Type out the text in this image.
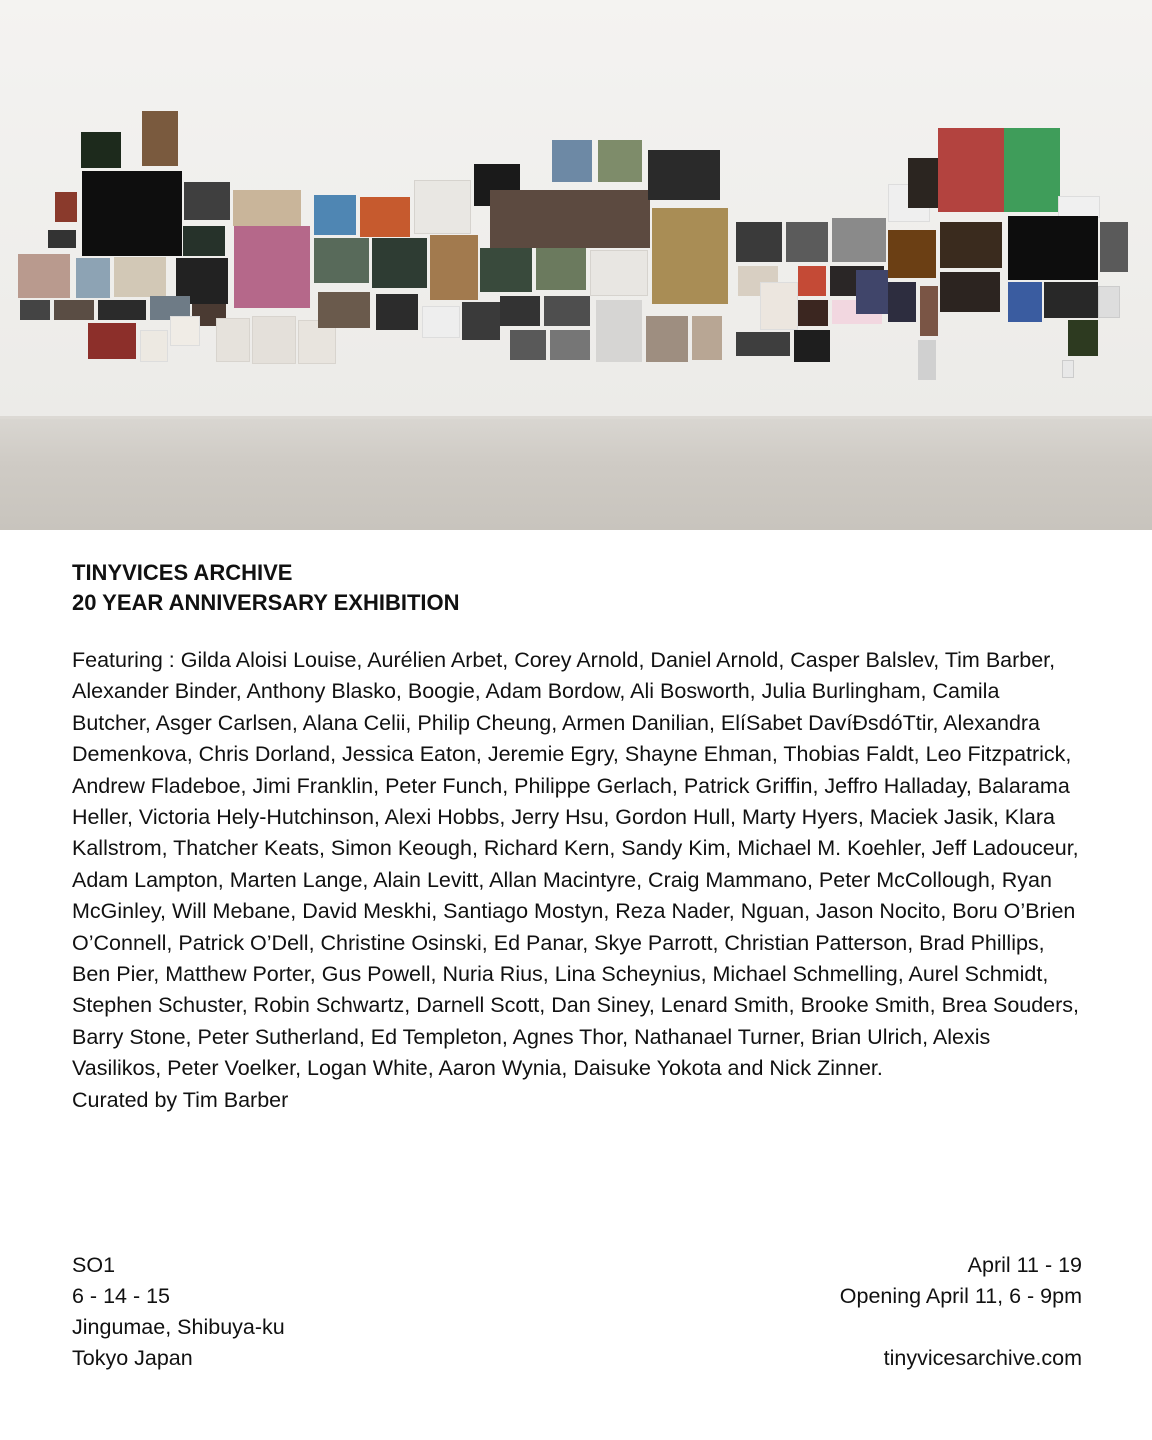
TINYVICES ARCHIVE
20 YEAR ANNIVERSARY EXHIBITION

Featuring : Gilda Aloisi Louise, Aurélien Arbet, Corey Arnold, Daniel Arnold, Casper Balslev, Tim Barber, Alexander Binder, Anthony Blasko, Boogie, Adam Bordow, Ali Bosworth, Julia Burlingham, Camila Butcher, Asger Carlsen, Alana Celii, Philip Cheung, Armen Danilian, ElíSabet DavíÐsdóTtir, Alexandra Demenkova, Chris Dorland, Jessica Eaton, Jeremie Egry, Shayne Ehman, Thobias Faldt, Leo Fitzpatrick, Andrew Fladeboe, Jimi Franklin, Peter Funch, Philippe Gerlach, Patrick Griffin, Jeffro Halladay, Balarama Heller, Victoria Hely-Hutchinson, Alexi Hobbs, Jerry Hsu, Gordon Hull, Marty Hyers, Maciek Jasik, Klara Kallstrom, Thatcher Keats, Simon Keough, Richard Kern, Sandy Kim, Michael M. Koehler, Jeff Ladouceur, Adam Lampton, Marten Lange, Alain Levitt, Allan Macintyre, Craig Mammano, Peter McCollough, Ryan McGinley, Will Mebane, David Meskhi, Santiago Mostyn, Reza Nader, Nguan, Jason Nocito, Boru O’Brien O’Connell, Patrick O’Dell, Christine Osinski, Ed Panar, Skye Parrott, Christian Patterson, Brad Phillips, Ben Pier, Matthew Porter, Gus Powell, Nuria Rius, Lina Scheynius, Michael Schmelling, Aurel Schmidt, Stephen Schuster, Robin Schwartz, Darnell Scott, Dan Siney, Lenard Smith, Brooke Smith, Brea Souders, Barry Stone, Peter Sutherland, Ed Templeton, Agnes Thor, Nathanael Turner, Brian Ulrich, Alexis Vasilikos, Peter Voelker, Logan White, Aaron Wynia, Daisuke Yokota and Nick Zinner.

Curated by Tim Barber

SO1
6 - 14 - 15
Jingumae, Shibuya-ku
Tokyo Japan
April 11 - 19
Opening April 11, 6 - 9pm
tinyvicesarchive.com
